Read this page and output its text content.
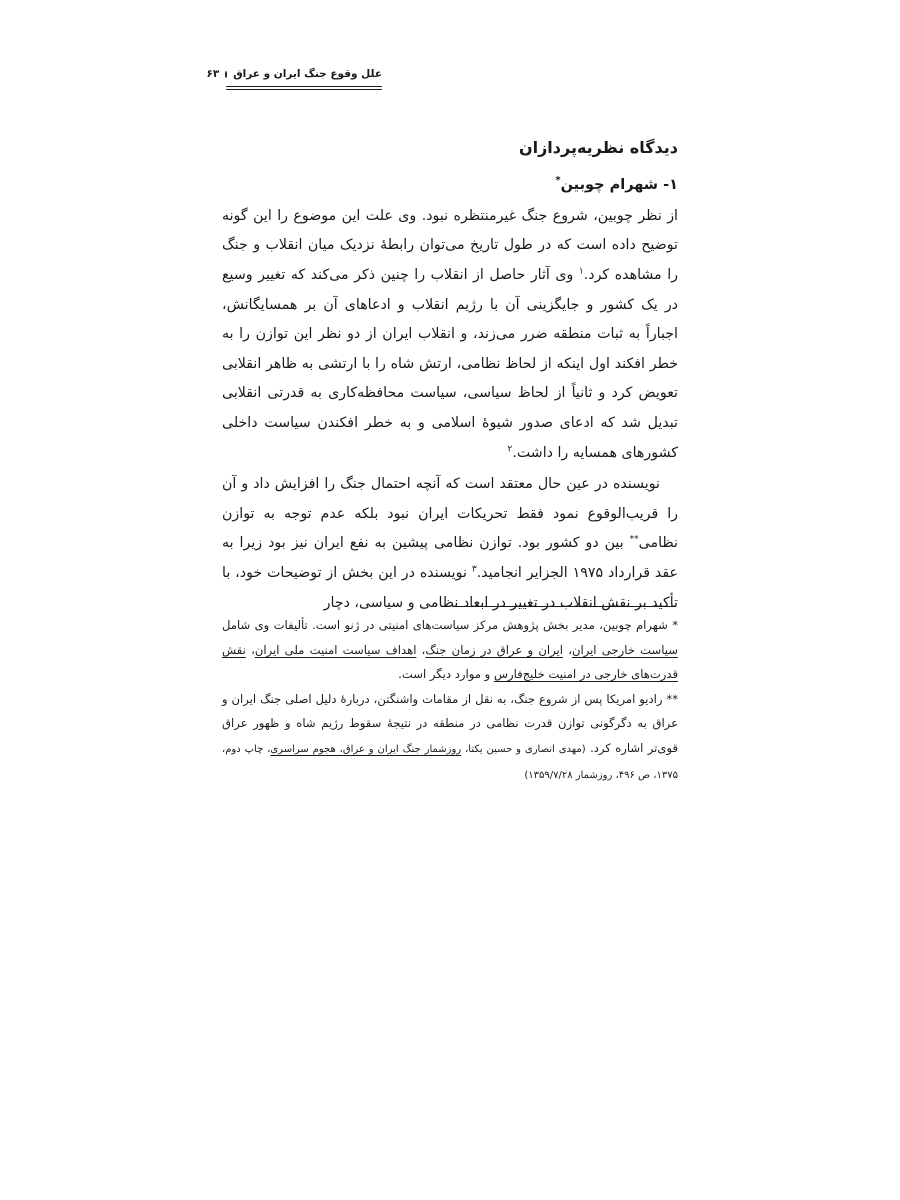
علل وقوع جنگ ایران و عراق
۶۳
دیدگاه نظریه‌پردازان
۱- شهرام چوبین*

از نظر چوبین، شروع جنگ غیرمنتظره نبود. وی علت این موضوع را این گونه توضیح داده است که در طول تاریخ می‌توان رابطهٔ نزدیک میان انقلاب و جنگ را مشاهده کرد.$^۱$ وی آثار حاصل از انقلاب را چنین ذکر می‌کند که تغییر وسیع در یک کشور و جایگزینی آن با رژیم انقلاب و ادعاهای آن بر همسایگانش، اجباراً به ثبات منطقه ضرر می‌زند، و انقلاب ایران از دو نظر این توازن را به خطر افکند اول اینکه از لحاظ نظامی، ارتش شاه را با ارتشی به ظاهر انقلابی تعویض کرد و ثانیاً از لحاظ سیاسی، سیاست محافظه‌کاری به قدرتی انقلابی تبدیل شد که ادعای صدور شیوهٔ اسلامی و به خطر افکندن سیاست داخلی کشورهای همسایه را داشت.$^۲$

نویسنده در عین حال معتقد است که آنچه احتمال جنگ را افزایش داد و آن را قریب‌الوقوع نمود فقط تحریکات ایران نبود بلکه عدم توجه به توازن نظامی** بین دو کشور بود. توازن نظامی پیشین به نفع ایران نیز بود زیرا به عقد قرارداد ۱۹۷۵ الجزایر انجامید.$^۳$ نویسنده در این بخش از توضیحات خود، با تأکید بر نقش انقلاب در تغییر در ابعاد نظامی و سیاسی، دچار

* شهرام چوبین، مدیر بخش پژوهش مرکز سیاست‌های امنیتی در ژنو است. تألیفات وی شامل سیاست خارجی ایران، ایران و عراق در زمان جنگ، اهداف سیاست امنیت ملی ایران، نقش قدرت‌های خارجی در امنیت خلیج‌فارس و موارد دیگر است.

** رادیو امریکا پس از شروع جنگ، به نقل از مقامات واشنگتن، دربارهٔ دلیل اصلی جنگ ایران و عراق به دگرگونی توازن قدرت نظامی در منطقه در نتیجهٔ سقوط رژیم شاه و ظهور عراق قوی‌تر اشاره کرد. (مهدی انصاری و حسین یکتا، روزشمار جنگ ایران و عراق، هجوم سراسری، چاپ دوم، ۱۳۷۵، ص ۴۹۶، روزشمار ۱۳۵۹/۷/۲۸)
